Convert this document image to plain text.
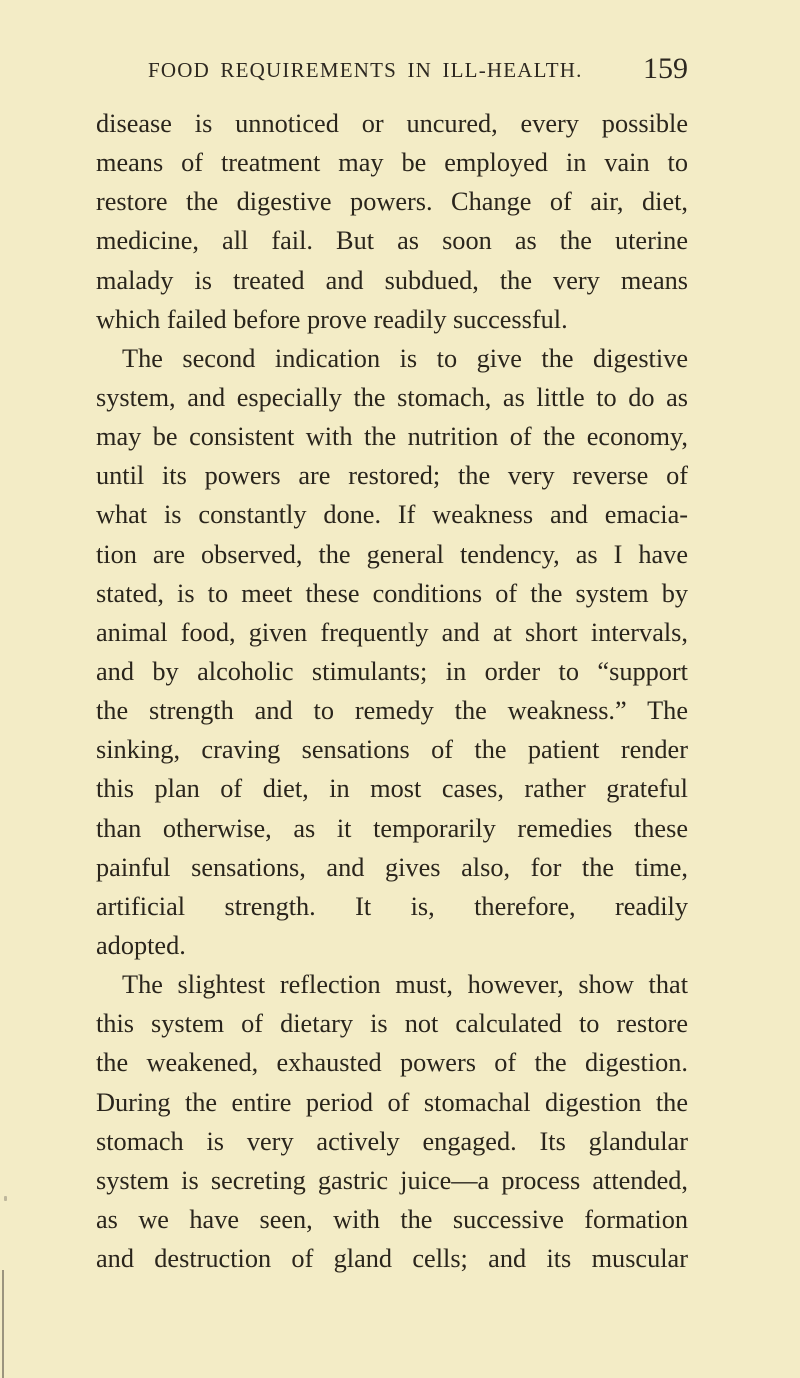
FOOD REQUIREMENTS IN ILL-HEALTH. 159
disease is unnoticed or uncured, every possible
means of treatment may be employed in vain to
restore the digestive powers. Change of air, diet,
medicine, all fail. But as soon as the uterine
malady is treated and subdued, the very means
which failed before prove readily successful.
The second indication is to give the digestive
system, and especially the stomach, as little to do as
may be consistent with the nutrition of the economy,
until its powers are restored; the very reverse of
what is constantly done. If weakness and emacia-
tion are observed, the general tendency, as I have
stated, is to meet these conditions of the system by
animal food, given frequently and at short intervals,
and by alcoholic stimulants; in order to “support
the strength and to remedy the weakness.” The
sinking, craving sensations of the patient render
this plan of diet, in most cases, rather grateful
than otherwise, as it temporarily remedies these
painful sensations, and gives also, for the time,
artificial strength. It is, therefore, readily
adopted.
The slightest reflection must, however, show that
this system of dietary is not calculated to restore
the weakened, exhausted powers of the digestion.
During the entire period of stomachal digestion the
stomach is very actively engaged. Its glandular
system is secreting gastric juice—a process attended,
as we have seen, with the successive formation
and destruction of gland cells; and its muscular
